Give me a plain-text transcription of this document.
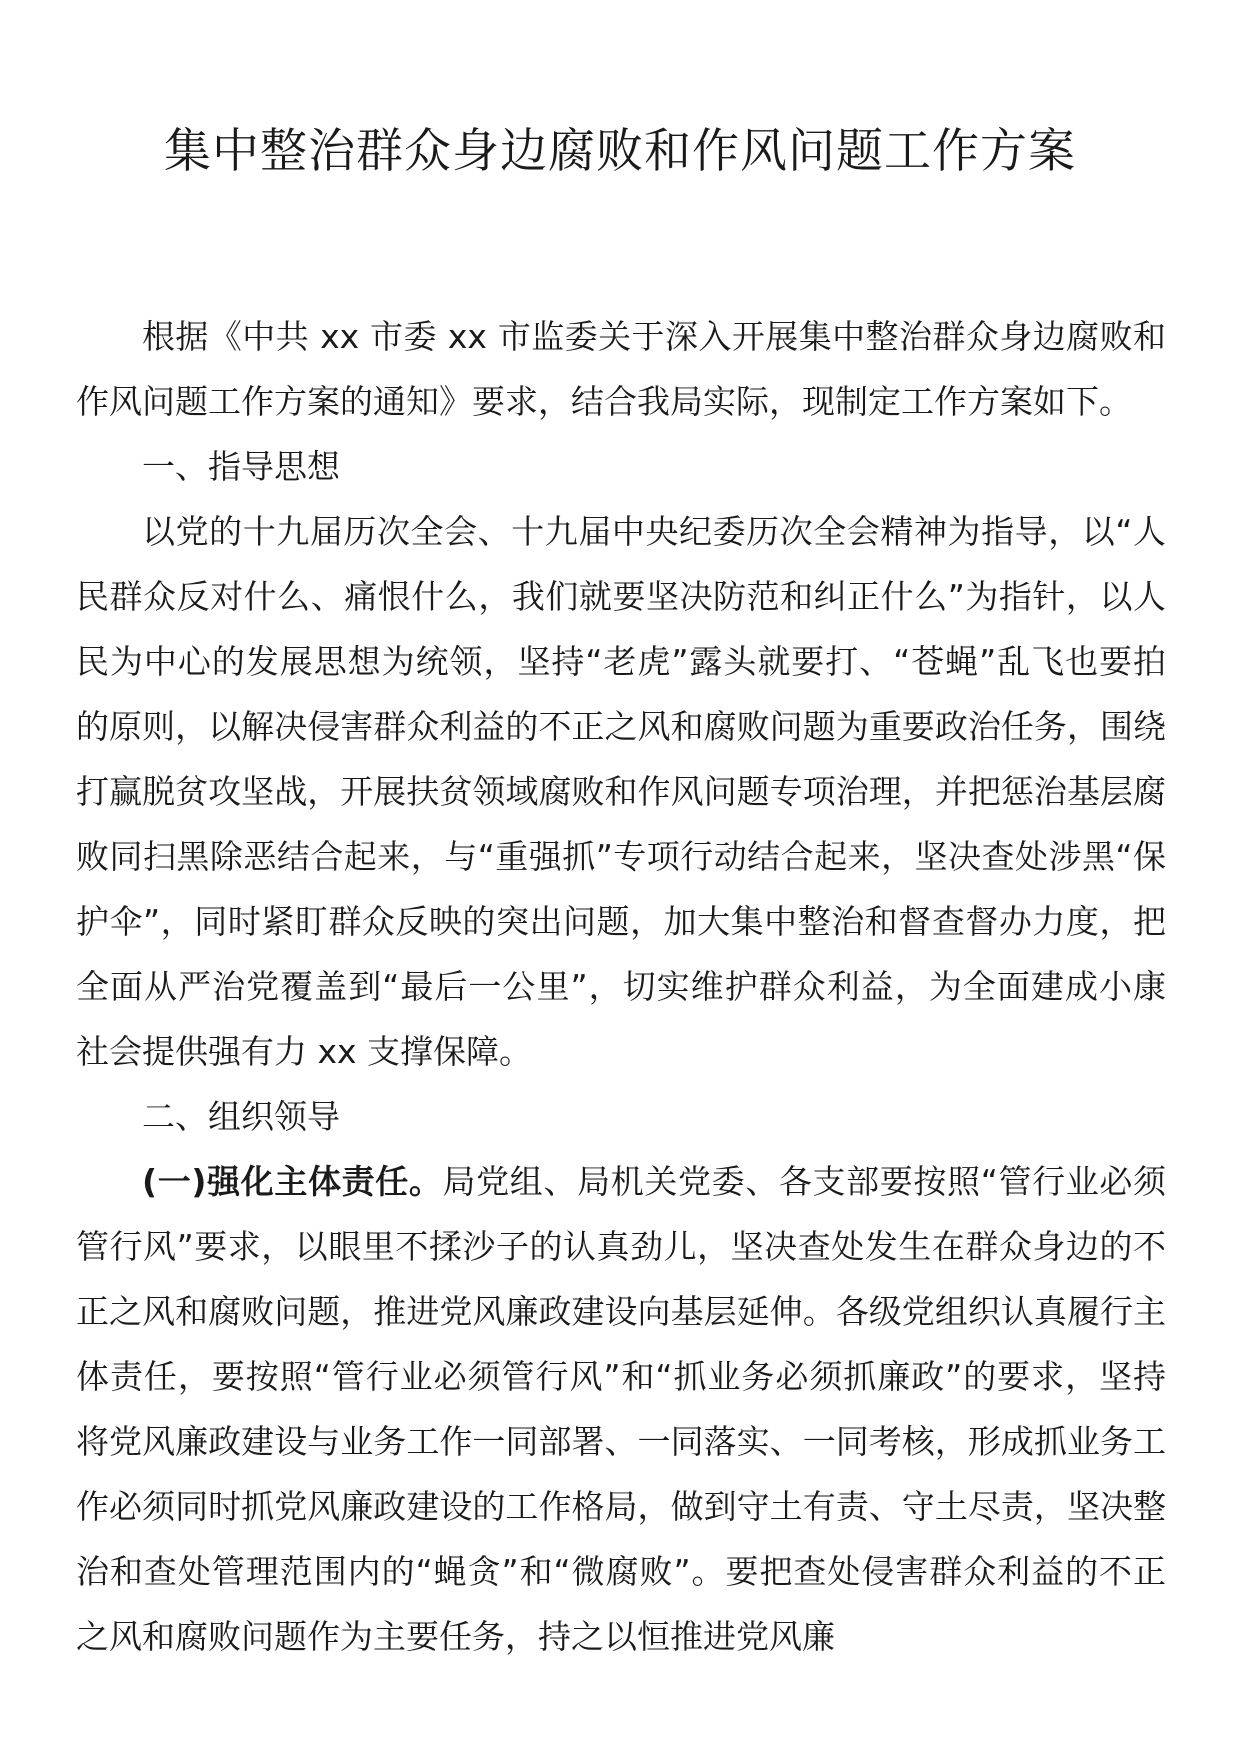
集中整治群众身边腐败和作风问题工作方案

根据《中共 xx 市委 xx 市监委关于深入开展集中整治群众身边腐败和作风问题工作方案的通知》要求，结合我局实际，现制定工作方案如下。

一、指导思想

以党的十九届历次全会、十九届中央纪委历次全会精神为指导，以“人民群众反对什么、痛恨什么，我们就要坚决防范和纠正什么”为指针，以人民为中心的发展思想为统领，坚持“老虎”露头就要打、“苍蝇”乱飞也要拍的原则，以解决侵害群众利益的不正之风和腐败问题为重要政治任务，围绕打赢脱贫攻坚战，开展扶贫领域腐败和作风问题专项治理，并把惩治基层腐败同扫黑除恶结合起来，与“重强抓”专项行动结合起来，坚决查处涉黑“保护伞”，同时紧盯群众反映的突出问题，加大集中整治和督查督办力度，把全面从严治党覆盖到“最后一公里”，切实维护群众利益，为全面建成小康社会提供强有力 xx 支撑保障。

二、组织领导

(一)强化主体责任。局党组、局机关党委、各支部要按照“管行业必须管行风”要求，以眼里不揉沙子的认真劲儿，坚决查处发生在群众身边的不正之风和腐败问题，推进党风廉政建设向基层延伸。各级党组织认真履行主体责任，要按照“管行业必须管行风”和“抓业务必须抓廉政”的要求，坚持将党风廉政建设与业务工作一同部署、一同落实、一同考核，形成抓业务工作必须同时抓党风廉政建设的工作格局，做到守土有责、守土尽责，坚决整治和查处管理范围内的“蝇贪”和“微腐败”。要把查处侵害群众利益的不正之风和腐败问题作为主要任务，持之以恒推进党风廉
